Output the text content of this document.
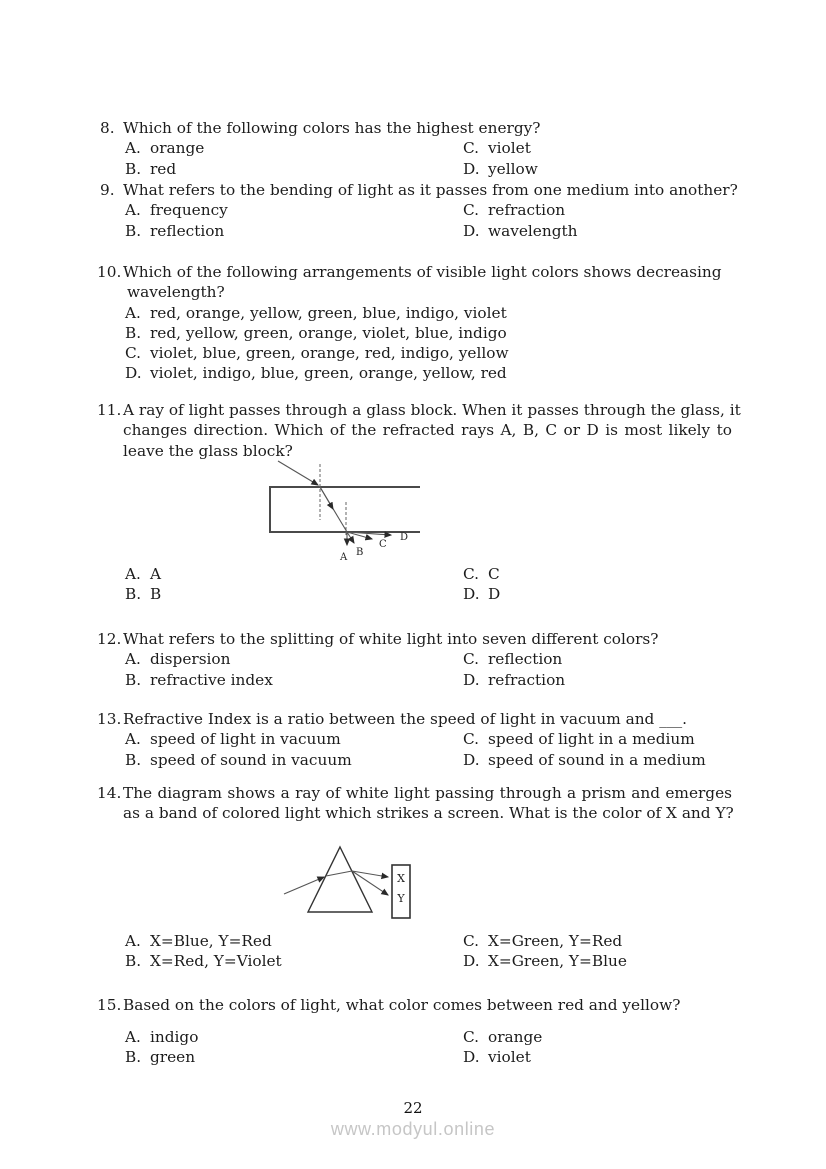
8. Which of the following colors has the highest energy?
A. orange	C. violet
B. red	D. yellow
9. What refers to the bending of light as it passes from one medium into another?
A. frequency	C. refraction
B. reflection	D. wavelength
10. Which of the following arrangements of visible light colors shows decreasing
wavelength?
A. red, orange, yellow, green, blue, indigo, violet
B. red, yellow, green, orange, violet, blue, indigo
C. violet, blue, green, orange, red, indigo, yellow
D. violet, indigo, blue, green, orange, yellow, red
11. A ray of light passes through a glass block. When it passes through the glass, it
changes direction. Which of the refracted rays A, B, C or D is most likely to
leave the glass block?
A B
C
D
A. A	C. C
B. B	D. D
12. What refers to the splitting of white light into seven different colors?
A. dispersion	C. reflection
B. refractive index	D. refraction
13. Refractive Index is a ratio between the speed of light in vacuum and ___.
A. speed of light in vacuum	C. speed of light in a medium
B. speed of sound in vacuum	D. speed of sound in a medium
14. The diagram shows a ray of white light passing through a prism and emerges
as a band of colored light which strikes a screen. What is the color of X and Y?
X
Y
A. X=Blue, Y=Red	C. X=Green, Y=Red
B. X=Red, Y=Violet	D. X=Green, Y=Blue
15. Based on the colors of light, what color comes between red and yellow?
A. indigo	C. orange
B. green	D. violet
22
www.modyul.online
